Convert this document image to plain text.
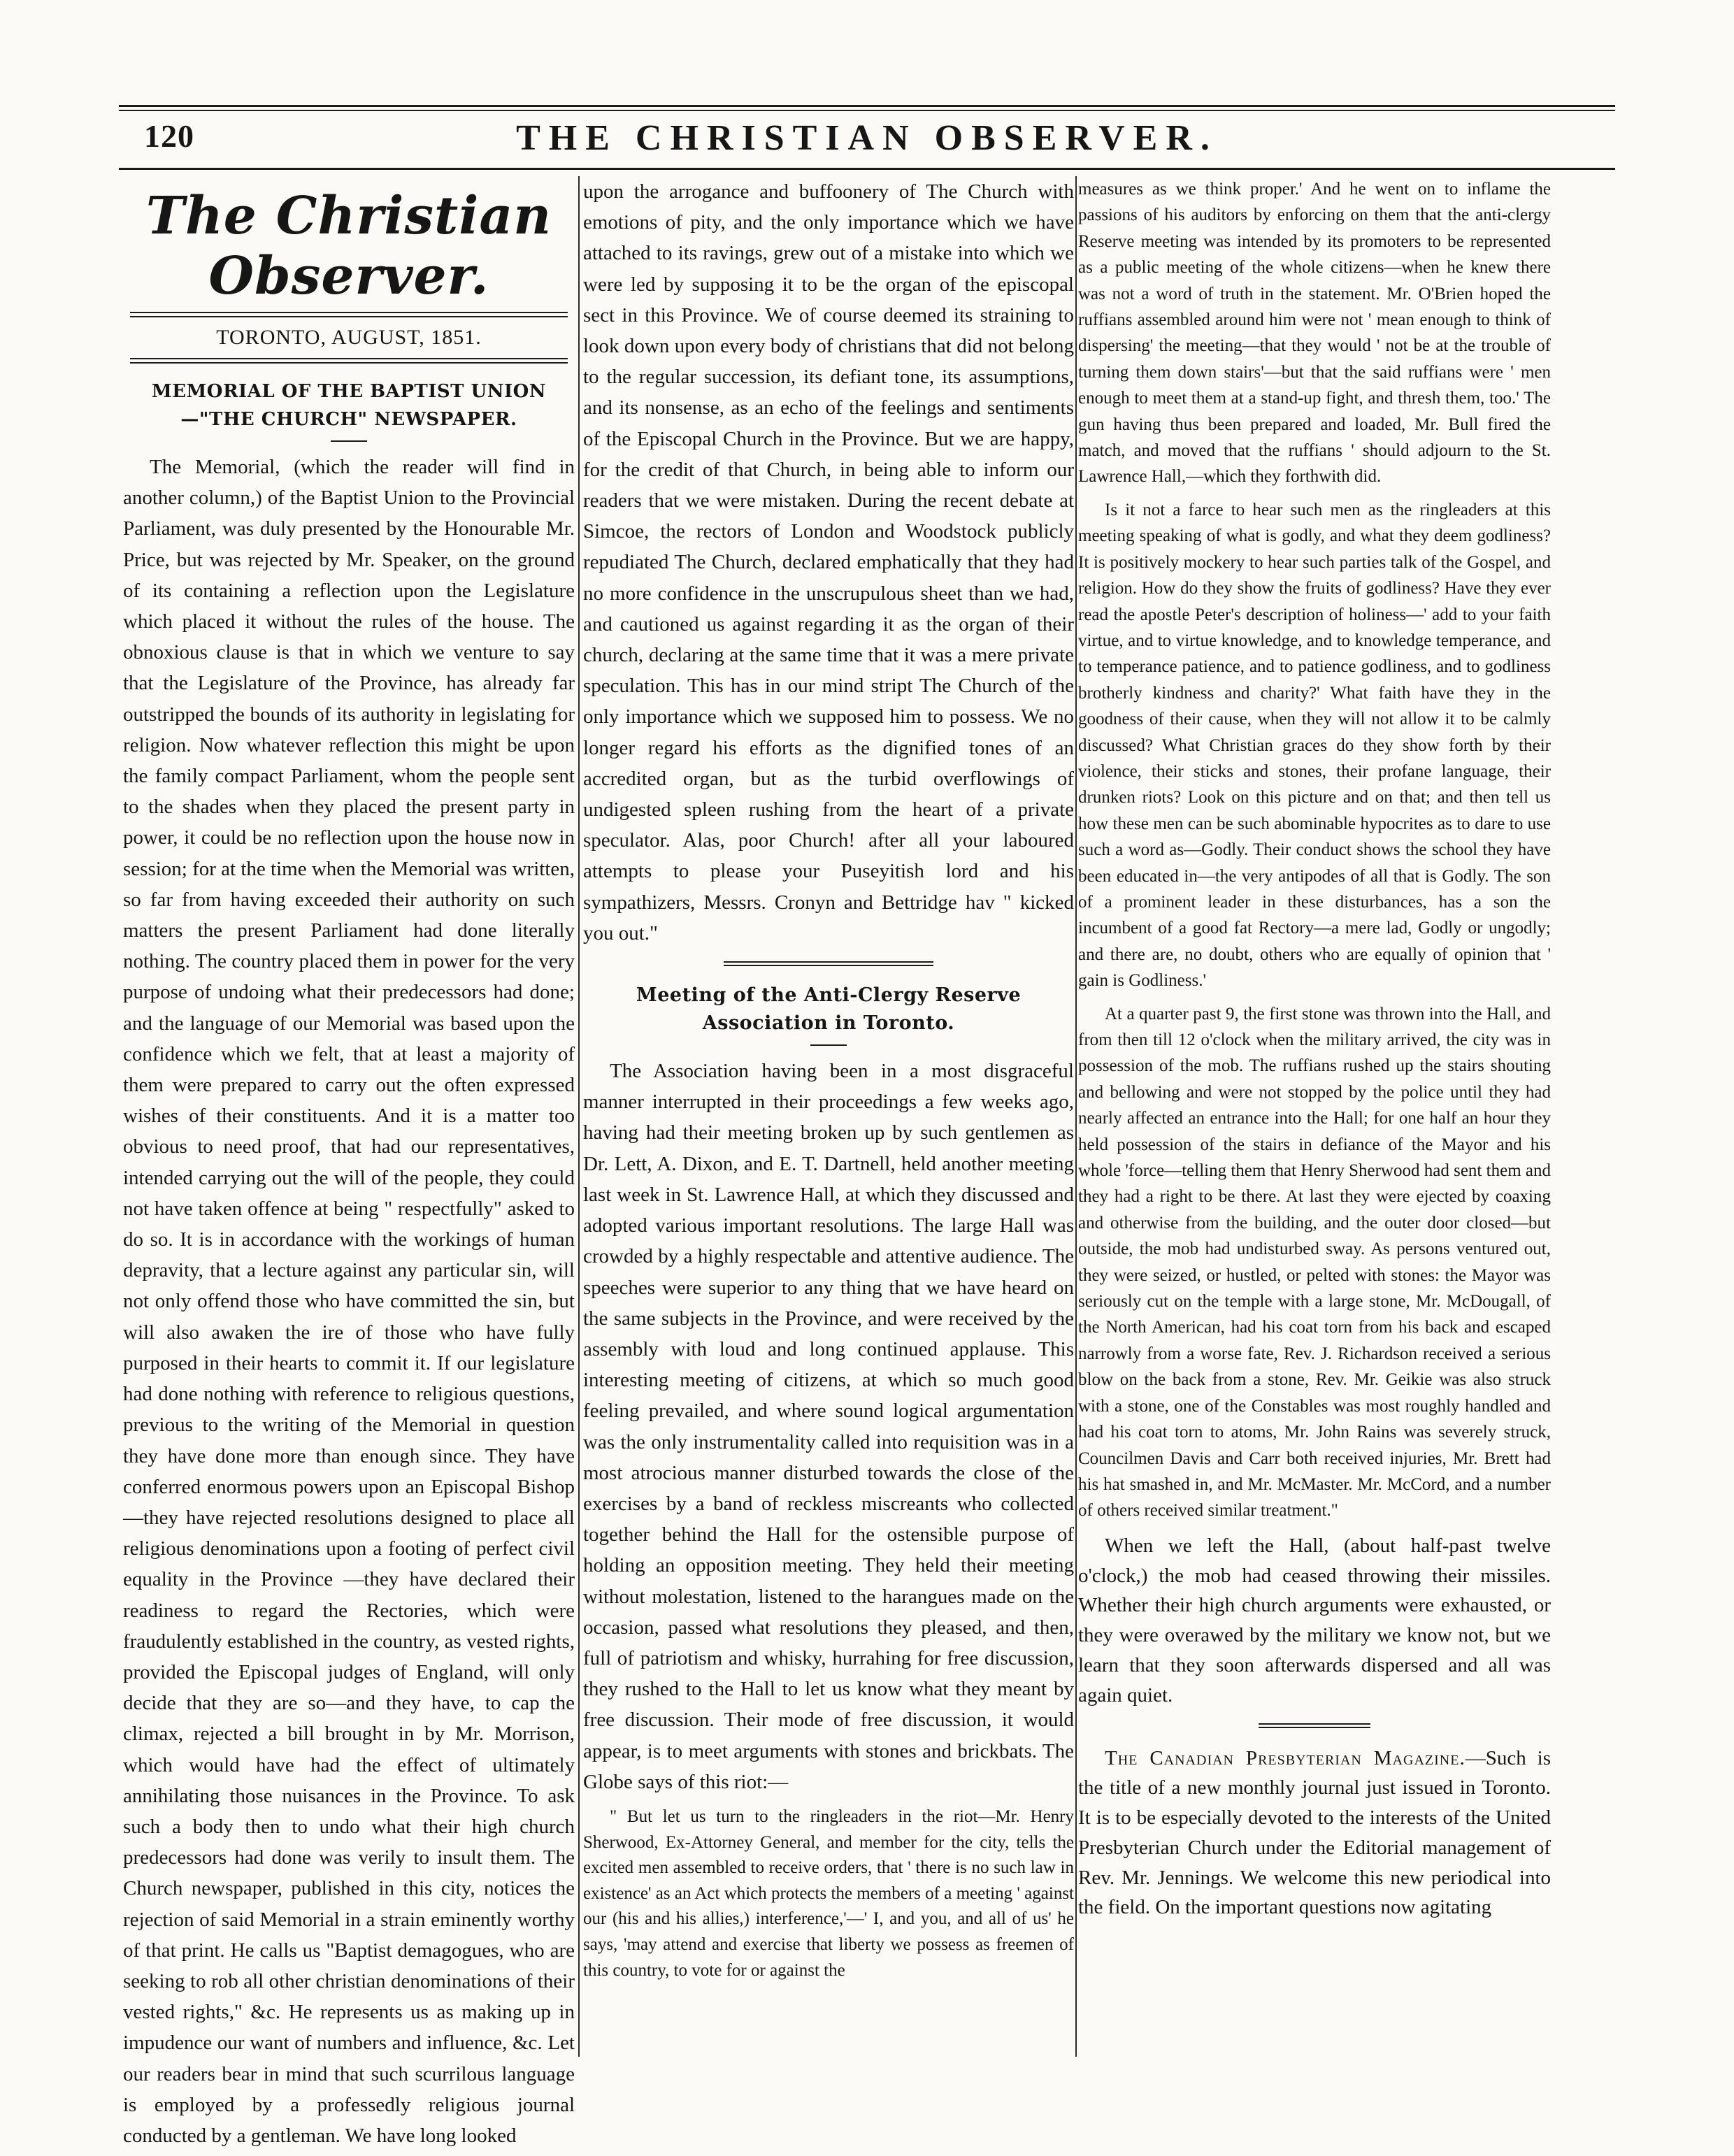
120	THE CHRISTIAN OBSERVER.
The Christian Observer.
TORONTO, AUGUST, 1851.
MEMORIAL OF THE BAPTIST UNION—"THE CHURCH" NEWSPAPER.

The Memorial, (which the reader will find in another column,) of the Baptist Union to the Provincial Parliament, was duly presented by the Honourable Mr. Price, but was rejected by Mr. Speaker, on the ground of its containing a reflection upon the Legislature which placed it without the rules of the house. The obnoxious clause is that in which we venture to say that the Legislature of the Province, has already far outstripped the bounds of its authority in legislating for religion. Now whatever reflection this might be upon the family compact Parliament, whom the people sent to the shades when they placed the present party in power, it could be no reflection upon the house now in session; for at the time when the Memorial was written, so far from having exceeded their authority on such matters the present Parliament had done literally nothing. The country placed them in power for the very purpose of undoing what their predecessors had done; and the language of our Memorial was based upon the confidence which we felt, that at least a majority of them were prepared to carry out the often expressed wishes of their constituents. And it is a matter too obvious to need proof, that had our representatives, intended carrying out the will of the people, they could not have taken offence at being " respectfully" asked to do so. It is in accordance with the workings of human depravity, that a lecture against any particular sin, will not only offend those who have committed the sin, but will also awaken the ire of those who have fully purposed in their hearts to commit it. If our legislature had done nothing with reference to religious questions, previous to the writing of the Memorial in question they have done more than enough since. They have conferred enormous powers upon an Episcopal Bishop—they have rejected resolutions designed to place all religious denominations upon a footing of perfect civil equality in the Province —they have declared their readiness to regard the Rectories, which were fraudulently established in the country, as vested rights, provided the Episcopal judges of England, will only decide that they are so—and they have, to cap the climax, rejected a bill brought in by Mr. Morrison, which would have had the effect of ultimately annihilating those nuisances in the Province. To ask such a body then to undo what their high church predecessors had done was verily to insult them. The Church newspaper, published in this city, notices the rejection of said Memorial in a strain eminently worthy of that print. He calls us "Baptist demagogues, who are seeking to rob all other christian denominations of their vested rights," &c. He represents us as making up in impudence our want of numbers and influence, &c. Let our readers bear in mind that such scurrilous language is employed by a professedly religious journal conducted by a gentleman. We have long looked

upon the arrogance and buffoonery of The Church with emotions of pity, and the only importance which we have attached to its ravings, grew out of a mistake into which we were led by supposing it to be the organ of the episcopal sect in this Province. We of course deemed its straining to look down upon every body of christians that did not belong to the regular succession, its defiant tone, its assumptions, and its nonsense, as an echo of the feelings and sentiments of the Episcopal Church in the Province. But we are happy, for the credit of that Church, in being able to inform our readers that we were mistaken. During the recent debate at Simcoe, the rectors of London and Woodstock publicly repudiated The Church, declared emphatically that they had no more confidence in the unscrupulous sheet than we had, and cautioned us against regarding it as the organ of their church, declaring at the same time that it was a mere private speculation. This has in our mind stript The Church of the only importance which we supposed him to possess. We no longer regard his efforts as the dignified tones of an accredited organ, but as the turbid overflowings of undigested spleen rushing from the heart of a private speculator. Alas, poor Church! after all your laboured attempts to please your Puseyitish lord and his sympathizers, Messrs. Cronyn and Bettridge hav " kicked you out."

Meeting of the Anti-Clergy Reserve Association in Toronto.

The Association having been in a most disgraceful manner interrupted in their proceedings a few weeks ago, having had their meeting broken up by such gentlemen as Dr. Lett, A. Dixon, and E. T. Dartnell, held another meeting last week in St. Lawrence Hall, at which they discussed and adopted various important resolutions. The large Hall was crowded by a highly respectable and attentive audience. The speeches were superior to any thing that we have heard on the same subjects in the Province, and were received by the assembly with loud and long continued applause. This interesting meeting of citizens, at which so much good feeling prevailed, and where sound logical argumentation was the only instrumentality called into requisition was in a most atrocious manner disturbed towards the close of the exercises by a band of reckless miscreants who collected together behind the Hall for the ostensible purpose of holding an opposition meeting. They held their meeting without molestation, listened to the harangues made on the occasion, passed what resolutions they pleased, and then, full of patriotism and whisky, hurrahing for free discussion, they rushed to the Hall to let us know what they meant by free discussion. Their mode of free discussion, it would appear, is to meet arguments with stones and brickbats. The Globe says of this riot:—

" But let us turn to the ringleaders in the riot—Mr. Henry Sherwood, Ex-Attorney General, and member for the city, tells the excited men assembled to receive orders, that ' there is no such law in existence' as an Act which protects the members of a meeting ' against our (his and his allies,) interference,'—' I, and you, and all of us' he says, 'may attend and exercise that liberty we possess as freemen of this country, to vote for or against the

measures as we think proper.' And he went on to inflame the passions of his auditors by enforcing on them that the anti-clergy Reserve meeting was intended by its promoters to be represented as a public meeting of the whole citizens—when he knew there was not a word of truth in the statement. Mr. O'Brien hoped the ruffians assembled around him were not ' mean enough to think of dispersing' the meeting—that they would ' not be at the trouble of turning them down stairs'—but that the said ruffians were ' men enough to meet them at a stand-up fight, and thresh them, too.' The gun having thus been prepared and loaded, Mr. Bull fired the match, and moved that the ruffians ' should adjourn to the St. Lawrence Hall,—which they forthwith did.

Is it not a farce to hear such men as the ringleaders at this meeting speaking of what is godly, and what they deem godliness? It is positively mockery to hear such parties talk of the Gospel, and religion. How do they show the fruits of godliness? Have they ever read the apostle Peter's description of holiness—' add to your faith virtue, and to virtue knowledge, and to knowledge temperance, and to temperance patience, and to patience godliness, and to godliness brotherly kindness and charity?' What faith have they in the goodness of their cause, when they will not allow it to be calmly discussed? What Christian graces do they show forth by their violence, their sticks and stones, their profane language, their drunken riots? Look on this picture and on that; and then tell us how these men can be such abominable hypocrites as to dare to use such a word as—Godly. Their conduct shows the school they have been educated in—the very antipodes of all that is Godly. The son of a prominent leader in these disturbances, has a son the incumbent of a good fat Rectory—a mere lad, Godly or ungodly; and there are, no doubt, others who are equally of opinion that ' gain is Godliness.'

At a quarter past 9, the first stone was thrown into the Hall, and from then till 12 o'clock when the military arrived, the city was in possession of the mob. The ruffians rushed up the stairs shouting and bellowing and were not stopped by the police until they had nearly affected an entrance into the Hall; for one half an hour they held possession of the stairs in defiance of the Mayor and his whole 'force—telling them that Henry Sherwood had sent them and they had a right to be there. At last they were ejected by coaxing and otherwise from the building, and the outer door closed—but outside, the mob had undisturbed sway. As persons ventured out, they were seized, or hustled, or pelted with stones: the Mayor was seriously cut on the temple with a large stone, Mr. McDougall, of the North American, had his coat torn from his back and escaped narrowly from a worse fate, Rev. J. Richardson received a serious blow on the back from a stone, Rev. Mr. Geikie was also struck with a stone, one of the Constables was most roughly handled and had his coat torn to atoms, Mr. John Rains was severely struck, Councilmen Davis and Carr both received injuries, Mr. Brett had his hat smashed in, and Mr. McMaster. Mr. McCord, and a number of others received similar treatment."

When we left the Hall, (about half-past twelve o'clock,) the mob had ceased throwing their missiles. Whether their high church arguments were exhausted, or they were overawed by the military we know not, but we learn that they soon afterwards dispersed and all was again quiet.

The Canadian Presbyterian Magazine.—Such is the title of a new monthly journal just issued in Toronto. It is to be especially devoted to the interests of the United Presbyterian Church under the Editorial management of Rev. Mr. Jennings. We welcome this new periodical into the field. On the important questions now agitating
